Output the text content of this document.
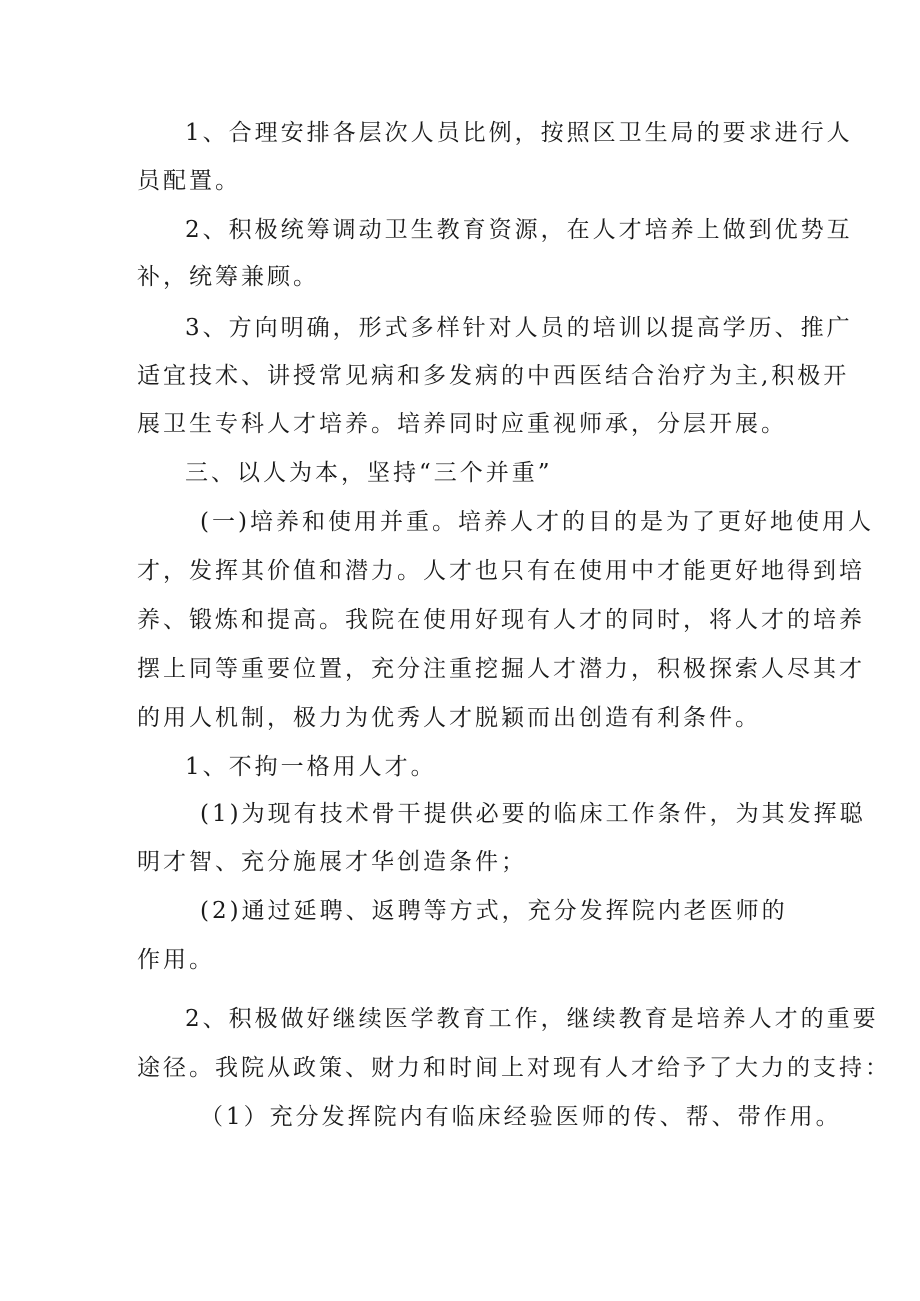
1、合理安排各层次人员比例，按照区卫生局的要求进行人
员配置。
2、积极统筹调动卫生教育资源，在人才培养上做到优势互
补，统筹兼顾。
3、方向明确，形式多样针对人员的培训以提高学历、推广
适宜技术、讲授常见病和多发病的中西医结合治疗为主,积极开
展卫生专科人才培养。培养同时应重视师承，分层开展。
三、以人为本，坚持“三个并重”
(一)培养和使用并重。培养人才的目的是为了更好地使用人
才，发挥其价值和潜力。人才也只有在使用中才能更好地得到培
养、锻炼和提高。我院在使用好现有人才的同时，将人才的培养
摆上同等重要位置，充分注重挖掘人才潜力，积极探索人尽其才
的用人机制，极力为优秀人才脱颖而出创造有利条件。
1、不拘一格用人才。
(1)为现有技术骨干提供必要的临床工作条件，为其发挥聪
明才智、充分施展才华创造条件；
(2)通过延聘、返聘等方式，充分发挥院内老医师的
作用。
2、积极做好继续医学教育工作，继续教育是培养人才的重要
途径。我院从政策、财力和时间上对现有人才给予了大力的支持：
（1）充分发挥院内有临床经验医师的传、帮、带作用。
